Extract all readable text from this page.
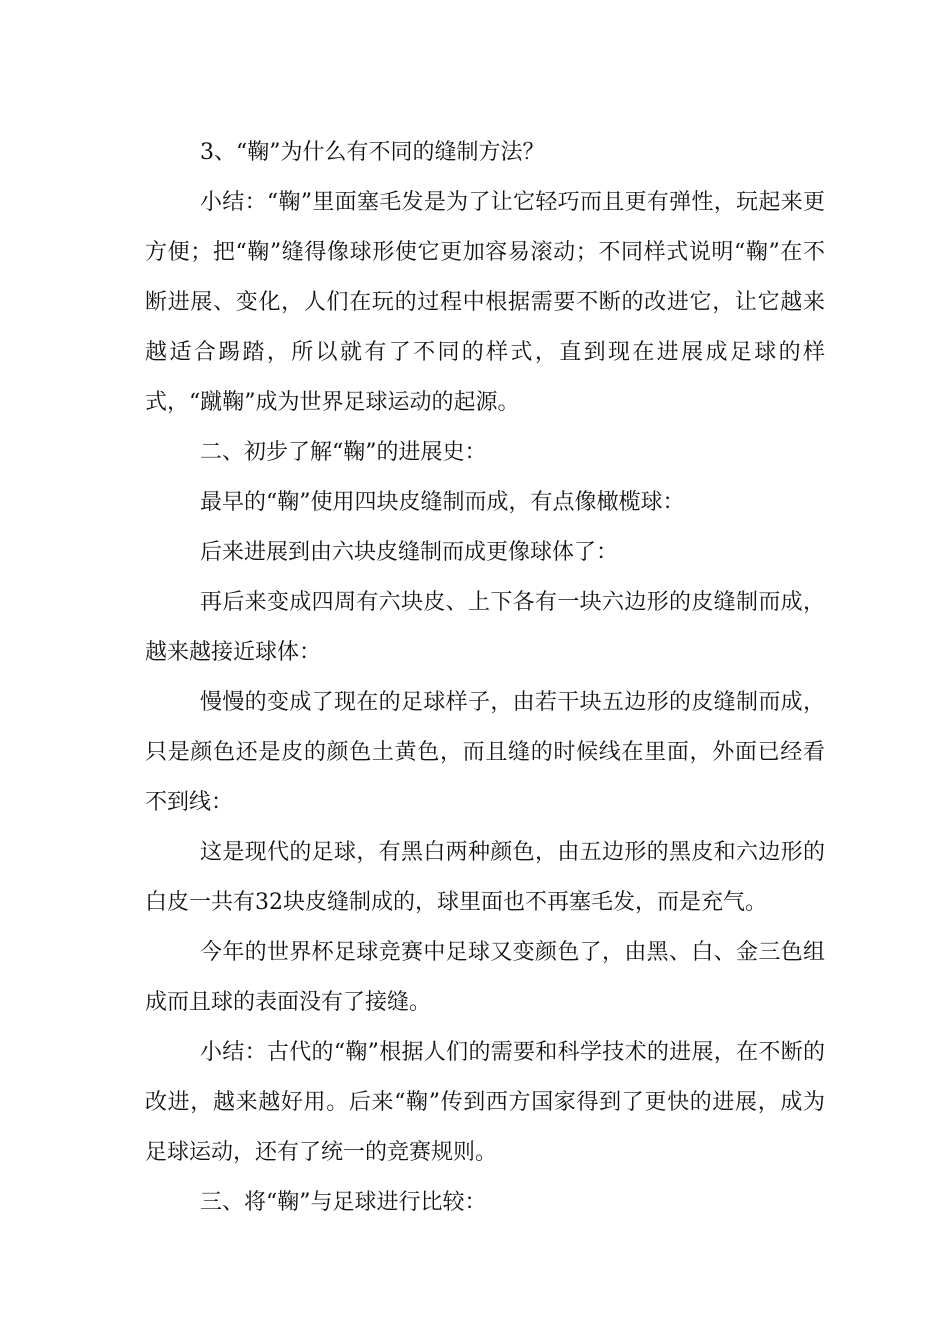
3、“鞠”为什么有不同的缝制方法？

小结：“鞠”里面塞毛发是为了让它轻巧而且更有弹性，玩起来更方便；把“鞠”缝得像球形使它更加容易滚动；不同样式说明“鞠”在不断进展、变化，人们在玩的过程中根据需要不断的改进它，让它越来越适合踢踏，所以就有了不同的样式，直到现在进展成足球的样式，“蹴鞠”成为世界足球运动的起源。

二、初步了解“鞠”的进展史：

最早的“鞠”使用四块皮缝制而成，有点像橄榄球：

后来进展到由六块皮缝制而成更像球体了：

再后来变成四周有六块皮、上下各有一块六边形的皮缝制而成，越来越接近球体：

慢慢的变成了现在的足球样子，由若干块五边形的皮缝制而成，只是颜色还是皮的颜色土黄色，而且缝的时候线在里面，外面已经看不到线：

这是现代的足球，有黑白两种颜色，由五边形的黑皮和六边形的白皮一共有32块皮缝制成的，球里面也不再塞毛发，而是充气。

今年的世界杯足球竞赛中足球又变颜色了，由黑、白、金三色组成而且球的表面没有了接缝。

小结：古代的“鞠”根据人们的需要和科学技术的进展，在不断的改进，越来越好用。后来“鞠”传到西方国家得到了更快的进展，成为足球运动，还有了统一的竞赛规则。

三、将“鞠”与足球进行比较：
